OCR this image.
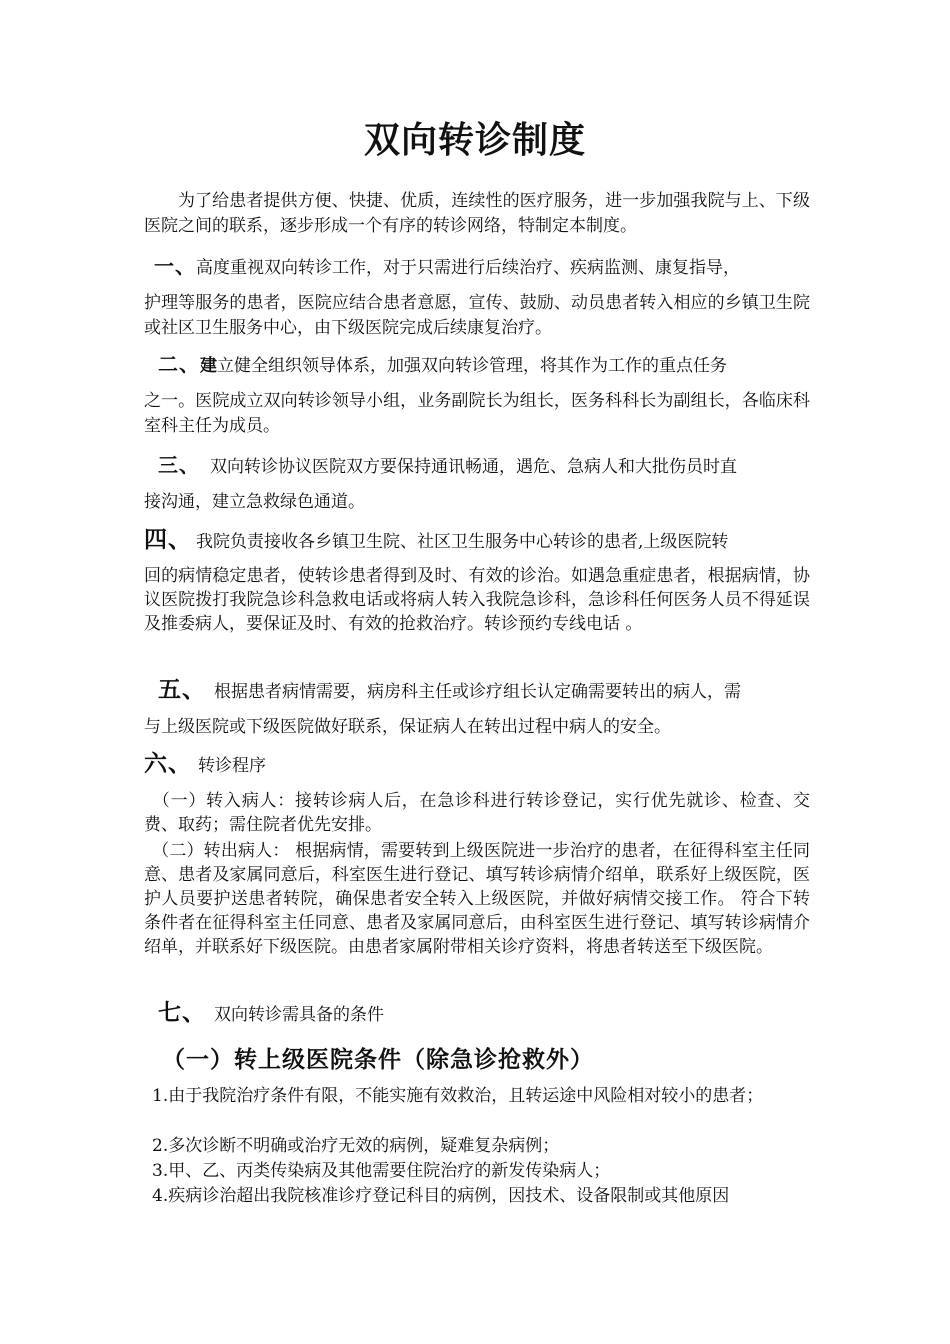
双向转诊制度
为了给患者提供方便、快捷、优质，连续性的医疗服务，进一步加强我院与上、下级医院之间的联系，逐步形成一个有序的转诊网络，特制定本制度。
一、高度重视双向转诊工作，对于只需进行后续治疗、疾病监测、康复指导，
护理等服务的患者，医院应结合患者意愿，宣传、鼓励、动员患者转入相应的乡镇卫生院或社区卫生服务中心，由下级医院完成后续康复治疗。
二、建立健全组织领导体系，加强双向转诊管理，将其作为工作的重点任务
之一。医院成立双向转诊领导小组，业务副院长为组长，医务科科长为副组长，各临床科室科主任为成员。
三、 双向转诊协议医院双方要保持通讯畅通，遇危、急病人和大批伤员时直
接沟通，建立急救绿色通道。
四、 我院负责接收各乡镇卫生院、社区卫生服务中心转诊的患者,上级医院转
回的病情稳定患者，使转诊患者得到及时、有效的诊治。如遇急重症患者，根据病情，协议医院拨打我院急诊科急救电话或将病人转入我院急诊科，急诊科任何医务人员不得延误及推委病人，要保证及时、有效的抢救治疗。转诊预约专线电话 。
五、 根据患者病情需要，病房科主任或诊疗组长认定确需要转出的病人，需
与上级医院或下级医院做好联系，保证病人在转出过程中病人的安全。
六、 转诊程序
（一）转入病人：接转诊病人后，在急诊科进行转诊登记，实行优先就诊、检查、交费、取药；需住院者优先安排。
（二）转出病人： 根据病情，需要转到上级医院进一步治疗的患者，在征得科室主任同意、患者及家属同意后，科室医生进行登记、填写转诊病情介绍单，联系好上级医院，医护人员要护送患者转院，确保患者安全转入上级医院，并做好病情交接工作。 符合下转条件者在征得科室主任同意、患者及家属同意后，由科室医生进行登记、填写转诊病情介绍单，并联系好下级医院。由患者家属附带相关诊疗资料，将患者转送至下级医院。
七、 双向转诊需具备的条件
（一）转上级医院条件（除急诊抢救外）
1.由于我院治疗条件有限，不能实施有效救治，且转运途中风险相对较小的患者；
2.多次诊断不明确或治疗无效的病例，疑难复杂病例；
3.甲、乙、丙类传染病及其他需要住院治疗的新发传染病人；
4.疾病诊治超出我院核准诊疗登记科目的病例，因技术、设备限制或其他原因
